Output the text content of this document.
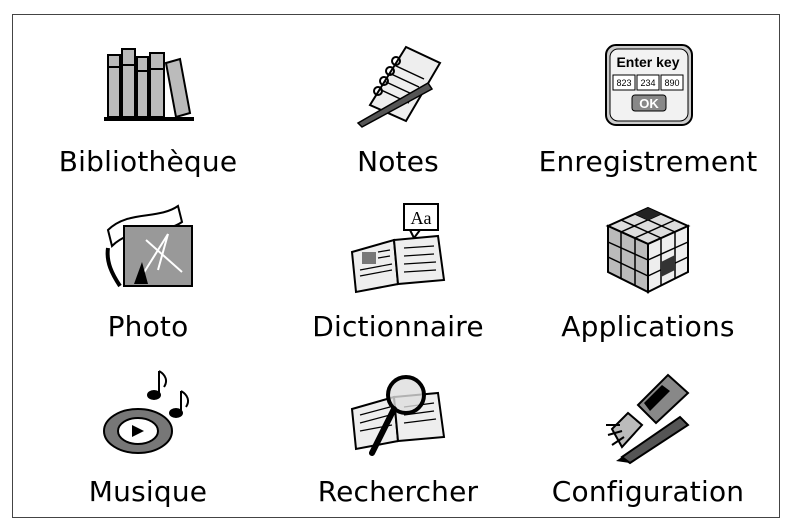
Bibliothèque	Notes
Enter key
823 234 890
OK
Enregistrement
Photo
Aa
Dictionnaire	Applications
Musique	Rechercher	Configuration
